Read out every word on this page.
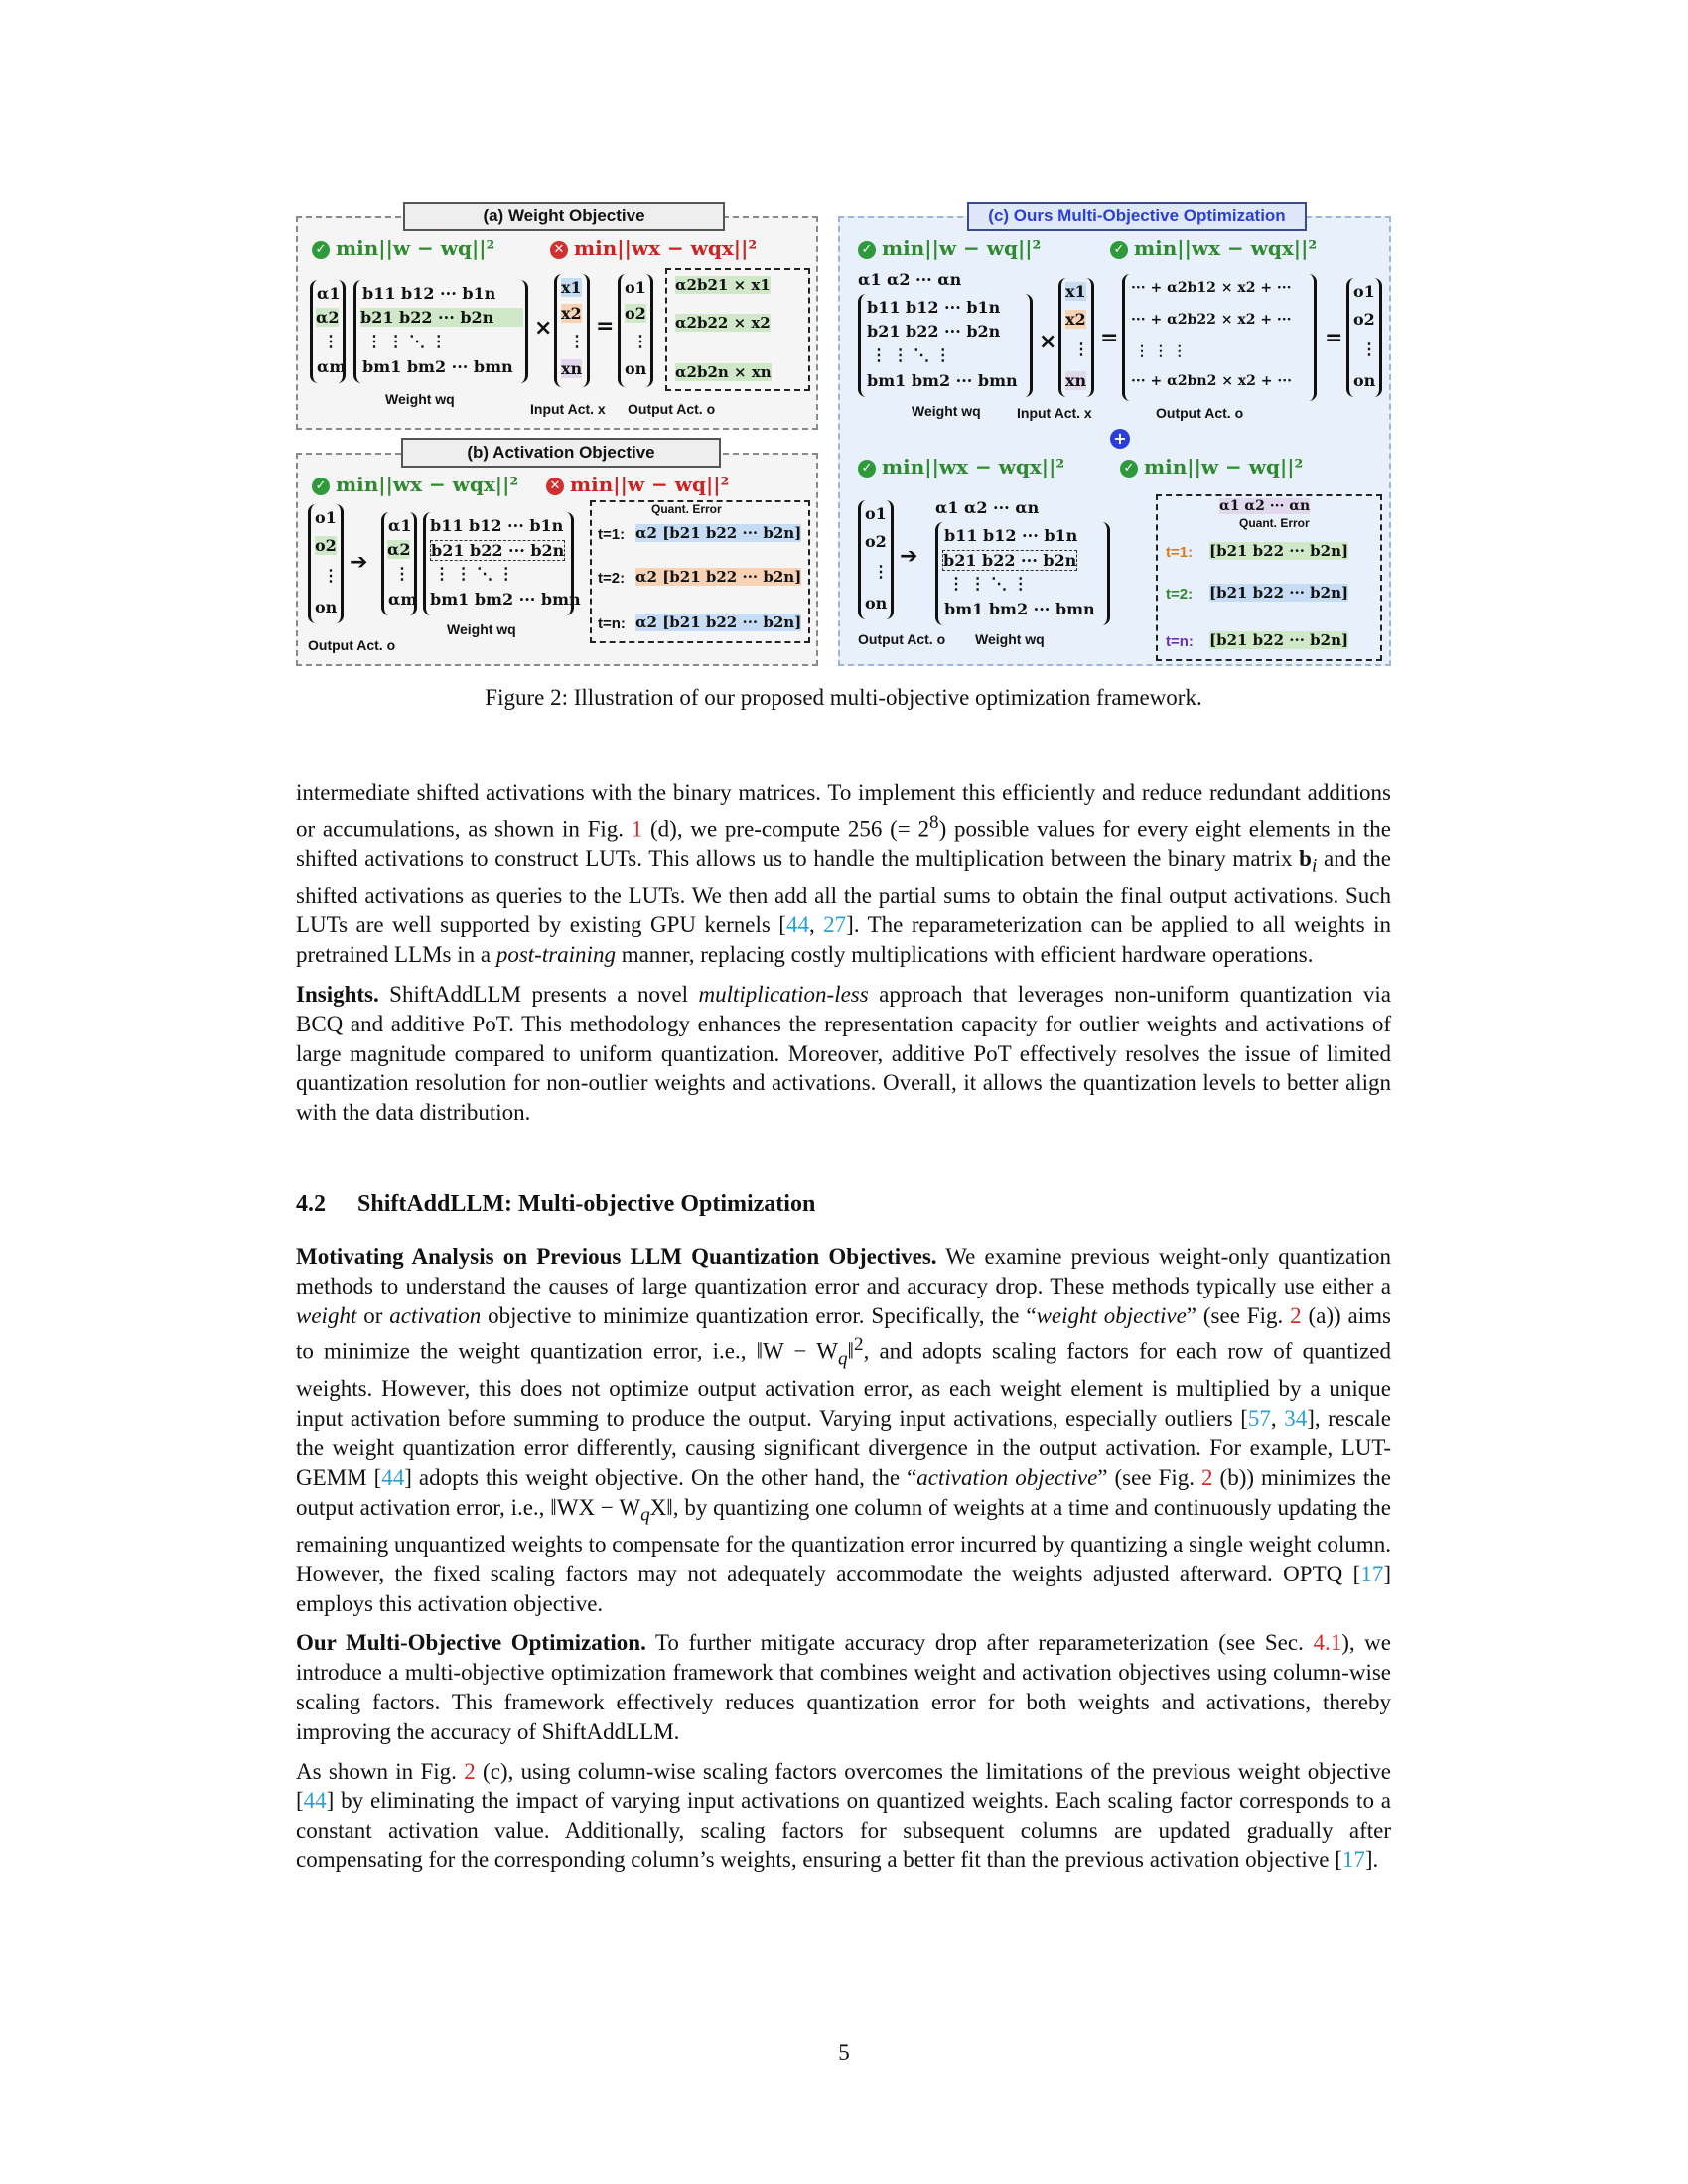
(a) Weight Objective
✓ min||w − wq||²	✕ min||wx − wqx||²
α1
α2
⋮
αm
b11 b12 ··· b1n
b21 b22 ··· b2n
⋮ ⋮ ⋱ ⋮
bm1 bm2 ··· bmn
×
x1
x2
⋮
xn
=
o1
o2
⋮
on
α2b21 × x1
α2b22 × x2
α2b2n × xn
Weight wq
Input Act. x Output Act. o
(b) Activation Objective
✓ min||wx − wqx||² ✕ min||w − wq||²
o1
o2
⋮
on
➔
α1
α2
⋮
αm
b11 b12 ··· b1n
b21 b22 ··· b2n
⋮ ⋮ ⋱ ⋮
bm1 bm2 ··· bmn
Quant. Error
t=1: α2 [b21 b22 ··· b2n]
t=2: α2 [b21 b22 ··· b2n]
t=n: α2 [b21 b22 ··· b2n]
Weight wq
Output Act. o
(c) Ours Multi-Objective Optimization
✓ min||w − wq||²	✓ min||wx − wqx||²
α1 α2 ··· αn
b11 b12 ··· b1n
b21 b22 ··· b2n
⋮ ⋮ ⋱ ⋮
bm1 bm2 ··· bmn
×
x1
x2
⋮
xn
=
··· + α2b12 × x2 + ···
··· + α2b22 × x2 + ···
⋮ ⋮ ⋮
··· + α2bn2 × x2 + ···
=
o1
o2
⋮
on
Weight wq	Input Act. x	Output Act. o
+
✓ min||wx − wqx||²	✓ min||w − wq||²
o1
o2
⋮
on
➔
α1 α2 ··· αn
b11 b12 ··· b1n
b21 b22 ··· b2n
⋮ ⋮ ⋱ ⋮
bm1 bm2 ··· bmn
α1 α2 ··· αn
Quant. Error
t=1: [b21 b22 ··· b2n]
t=2: [b21 b22 ··· b2n]
t=n: [b21 b22 ··· b2n]
Output Act. o Weight wq
Figure 2: Illustration of our proposed multi-objective optimization framework.

intermediate shifted activations with the binary matrices. To implement this efficiently and reduce redundant additions or accumulations, as shown in Fig. 1 (d), we pre-compute 256 (= $2^8$) possible values for every eight elements in the shifted activations to construct LUTs. This allows us to handle the multiplication between the binary matrix $b_i$ and the shifted activations as queries to the LUTs. We then add all the partial sums to obtain the final output activations. Such LUTs are well supported by existing GPU kernels [44, 27]. The reparameterization can be applied to all weights in pretrained LLMs in a post-training manner, replacing costly multiplications with efficient hardware operations.

Insights. ShiftAddLLM presents a novel multiplication-less approach that leverages non-uniform quantization via BCQ and additive PoT. This methodology enhances the representation capacity for outlier weights and activations of large magnitude compared to uniform quantization. Moreover, additive PoT effectively resolves the issue of limited quantization resolution for non-outlier weights and activations. Overall, it allows the quantization levels to better align with the data distribution.

4.2 ShiftAddLLM: Multi-objective Optimization

Motivating Analysis on Previous LLM Quantization Objectives. We examine previous weight-only quantization methods to understand the causes of large quantization error and accuracy drop. These methods typically use either a weight or activation objective to minimize quantization error. Specifically, the “weight objective” (see Fig. 2 (a)) aims to minimize the weight quantization error, i.e., ‖W − $W_q‖^2$, and adopts scaling factors for each row of quantized weights. However, this does not optimize output activation error, as each weight element is multiplied by a unique input activation before summing to produce the output. Varying input activations, especially outliers [57, 34], rescale the weight quantization error differently, causing significant divergence in the output activation. For example, LUT-GEMM [44] adopts this weight objective. On the other hand, the “activation objective” (see Fig. 2 (b)) minimizes the output activation error, i.e., ‖WX − $W_qX‖$, by quantizing one column of weights at a time and continuously updating the remaining unquantized weights to compensate for the quantization error incurred by quantizing a single weight column. However, the fixed scaling factors may not adequately accommodate the weights adjusted afterward. OPTQ [17] employs this activation objective.

Our Multi-Objective Optimization. To further mitigate accuracy drop after reparameterization (see Sec. 4.1), we introduce a multi-objective optimization framework that combines weight and activation objectives using column-wise scaling factors. This framework effectively reduces quantization error for both weights and activations, thereby improving the accuracy of ShiftAddLLM.

As shown in Fig. 2 (c), using column-wise scaling factors overcomes the limitations of the previous weight objective [44] by eliminating the impact of varying input activations on quantized weights. Each scaling factor corresponds to a constant activation value. Additionally, scaling factors for subsequent columns are updated gradually after compensating for the corresponding column’s weights, ensuring a better fit than the previous activation objective [17].

5
